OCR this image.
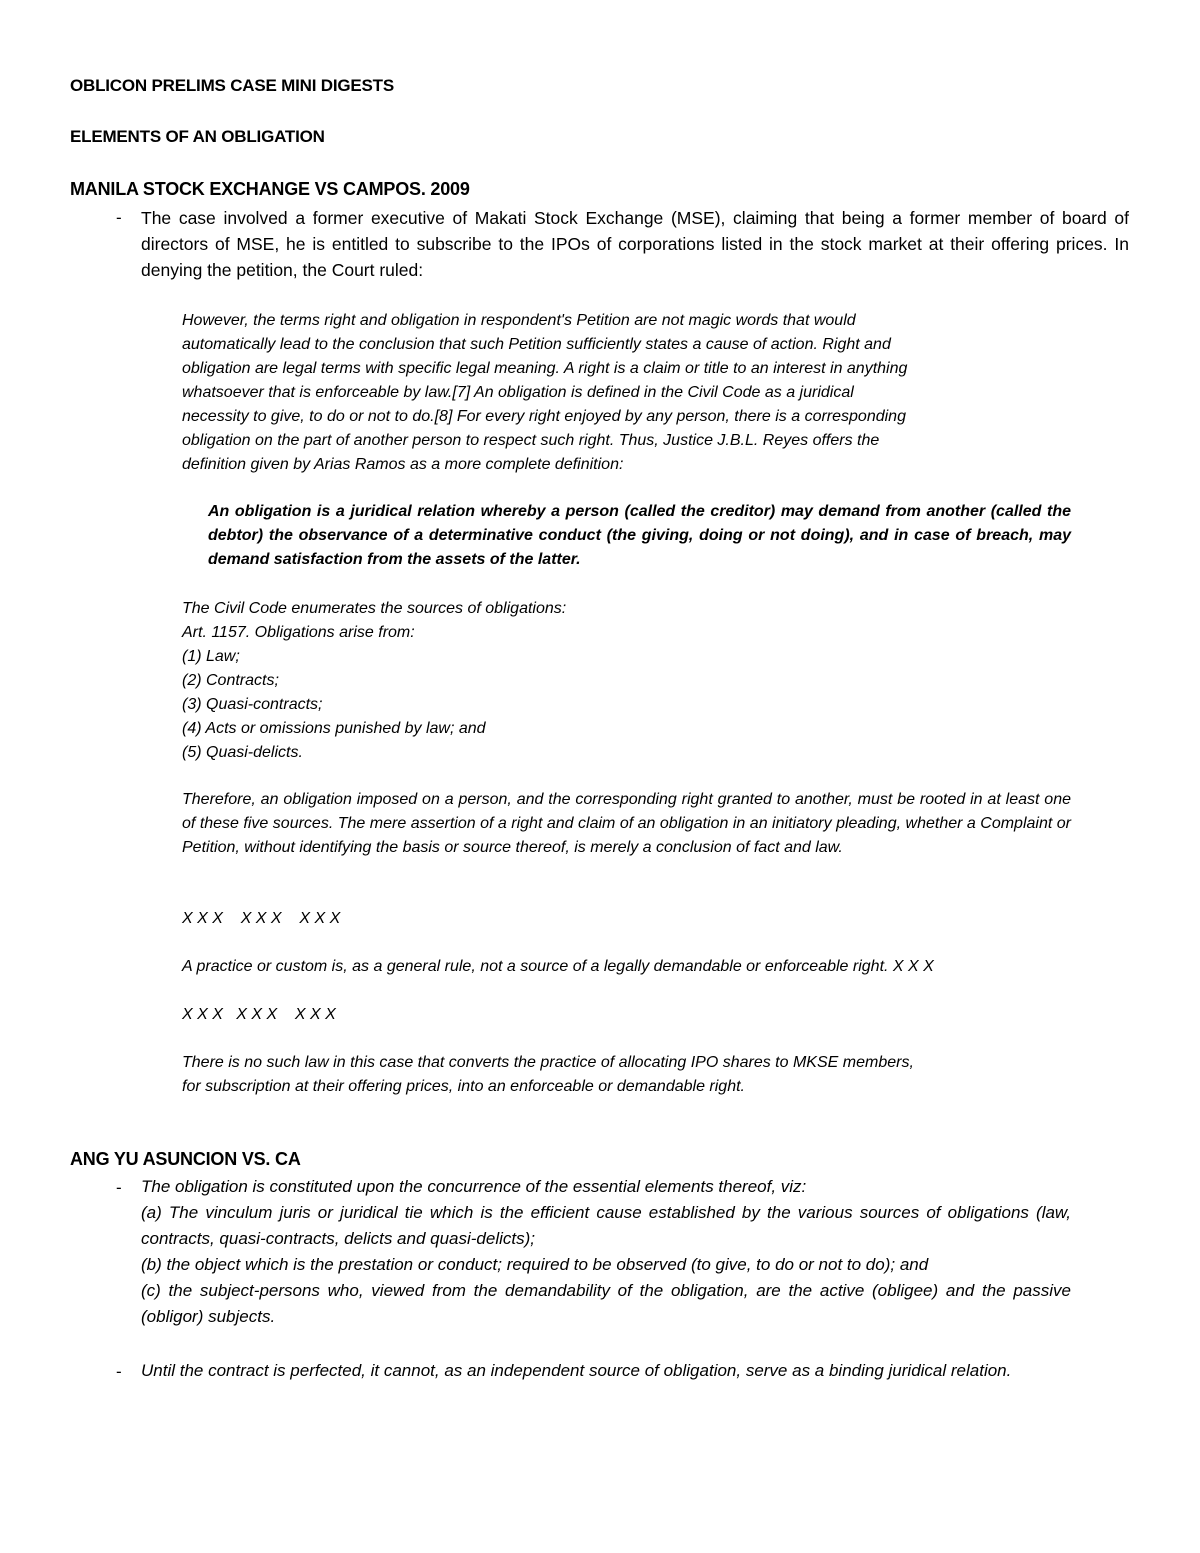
OBLICON PRELIMS CASE MINI DIGESTS
ELEMENTS OF AN OBLIGATION
MANILA STOCK EXCHANGE VS CAMPOS. 2009
- The case involved a former executive of Makati Stock Exchange (MSE), claiming that being a former member of board of directors of MSE, he is entitled to subscribe to the IPOs of corporations listed in the stock market at their offering prices. In denying the petition, the Court ruled:
However, the terms right and obligation in respondent's Petition are not magic words that would
automatically lead to the conclusion that such Petition sufficiently states a cause of action. Right and
obligation are legal terms with specific legal meaning. A right is a claim or title to an interest in anything
whatsoever that is enforceable by law.[7] An obligation is defined in the Civil Code as a juridical
necessity to give, to do or not to do.[8] For every right enjoyed by any person, there is a corresponding
obligation on the part of another person to respect such right. Thus, Justice J.B.L. Reyes offers the
definition given by Arias Ramos as a more complete definition:
An obligation is a juridical relation whereby a person (called the creditor) may demand from another (called the debtor) the observance of a determinative conduct (the giving, doing or not doing), and in case of breach, may demand satisfaction from the assets of the latter.
The Civil Code enumerates the sources of obligations:
Art. 1157. Obligations arise from:
(1) Law;
(2) Contracts;
(3) Quasi-contracts;
(4) Acts or omissions punished by law; and
(5) Quasi-delicts.
Therefore, an obligation imposed on a person, and the corresponding right granted to another, must be rooted in at least one of these five sources. The mere assertion of a right and claim of an obligation in an initiatory pleading, whether a Complaint or Petition, without identifying the basis or source thereof, is merely a conclusion of fact and law.
X X X    X X X    X X X
A practice or custom is, as a general rule, not a source of a legally demandable or enforceable right. X X X
X X X   X X X    X X X
There is no such law in this case that converts the practice of allocating IPO shares to MKSE members,
for subscription at their offering prices, into an enforceable or demandable right.
ANG YU ASUNCION VS. CA
- The obligation is constituted upon the concurrence of the essential elements thereof, viz:
(a) The vinculum juris or juridical tie which is the efficient cause established by the various sources of obligations (law, contracts, quasi-contracts, delicts and quasi-delicts);
(b) the object which is the prestation or conduct; required to be observed (to give, to do or not to do); and
(c) the subject-persons who, viewed from the demandability of the obligation, are the active (obligee) and the passive (obligor) subjects.
- Until the contract is perfected, it cannot, as an independent source of obligation, serve as a binding juridical relation.
